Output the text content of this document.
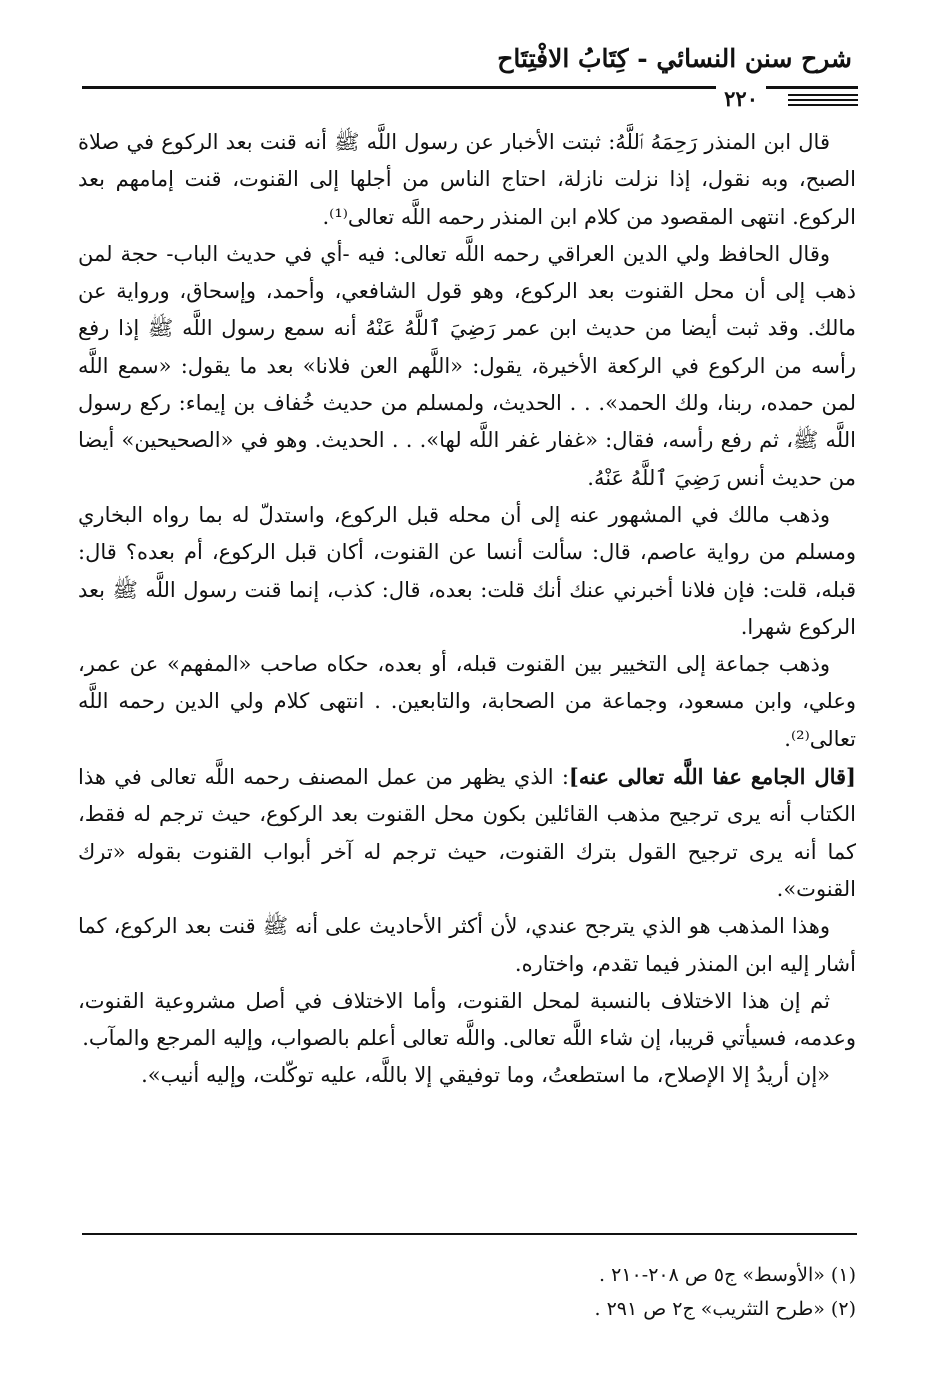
شرح سنن النسائي - كِتَابُ الافْتِتَاح
٢٢٠

قال ابن المنذر رَحِمَهُ ٱللَّهُ: ثبتت الأخبار عن رسول اللَّه ﷺ أنه قنت بعد الركوع في صلاة الصبح، وبه نقول، إذا نزلت نازلة، احتاج الناس من أجلها إلى القنوت، قنت إمامهم بعد الركوع. انتهى المقصود من كلام ابن المنذر رحمه اللَّه تعالى⁽¹⁾.

وقال الحافظ ولي الدين العراقي رحمه اللَّه تعالى: فيه -أي في حديث الباب- حجة لمن ذهب إلى أن محل القنوت بعد الركوع، وهو قول الشافعي، وأحمد، وإسحاق، ورواية عن مالك. وقد ثبت أيضا من حديث ابن عمر رَضِيَ ٱللَّهُ عَنْهُ أنه سمع رسول اللَّه ﷺ إذا رفع رأسه من الركوع في الركعة الأخيرة، يقول: «اللَّهم العن فلانا» بعد ما يقول: «سمع اللَّه لمن حمده، ربنا، ولك الحمد». . . الحديث، ولمسلم من حديث خُفاف بن إيماء: ركع رسول اللَّه ﷺ، ثم رفع رأسه، فقال: «غفار غفر اللَّه لها». . . الحديث. وهو في «الصحيحين» أيضا من حديث أنس رَضِيَ ٱللَّهُ عَنْهُ.

وذهب مالك في المشهور عنه إلى أن محله قبل الركوع، واستدلّ له بما رواه البخاري ومسلم من رواية عاصم، قال: سألت أنسا عن القنوت، أكان قبل الركوع، أم بعده؟ قال: قبله، قلت: فإن فلانا أخبرني عنك أنك قلت: بعده، قال: كذب، إنما قنت رسول اللَّه ﷺ بعد الركوع شهرا.

وذهب جماعة إلى التخيير بين القنوت قبله، أو بعده، حكاه صاحب «المفهم» عن عمر، وعلي، وابن مسعود، وجماعة من الصحابة، والتابعين. . انتهى كلام ولي الدين رحمه اللَّه تعالى⁽²⁾.

[قال الجامع عفا اللَّه تعالى عنه]: الذي يظهر من عمل المصنف رحمه اللَّه تعالى في هذا الكتاب أنه يرى ترجيح مذهب القائلين بكون محل القنوت بعد الركوع، حيث ترجم له فقط، كما أنه يرى ترجيح القول بترك القنوت، حيث ترجم له آخر أبواب القنوت بقوله «ترك القنوت».

وهذا المذهب هو الذي يترجح عندي، لأن أكثر الأحاديث على أنه ﷺ قنت بعد الركوع، كما أشار إليه ابن المنذر فيما تقدم، واختاره.

ثم إن هذا الاختلاف بالنسبة لمحل القنوت، وأما الاختلاف في أصل مشروعية القنوت، وعدمه، فسيأتي قريبا، إن شاء اللَّه تعالى. واللَّه تعالى أعلم بالصواب، وإليه المرجع والمآب.

«إن أريدُ إلا الإصلاح، ما استطعتُ، وما توفيقي إلا باللَّه، عليه توكّلت، وإليه أنيب».

(١) «الأوسط» ج٥ ص ٢٠٨-٢١٠ .
(٢) «طرح التثريب» ج٢ ص ٢٩١ .
